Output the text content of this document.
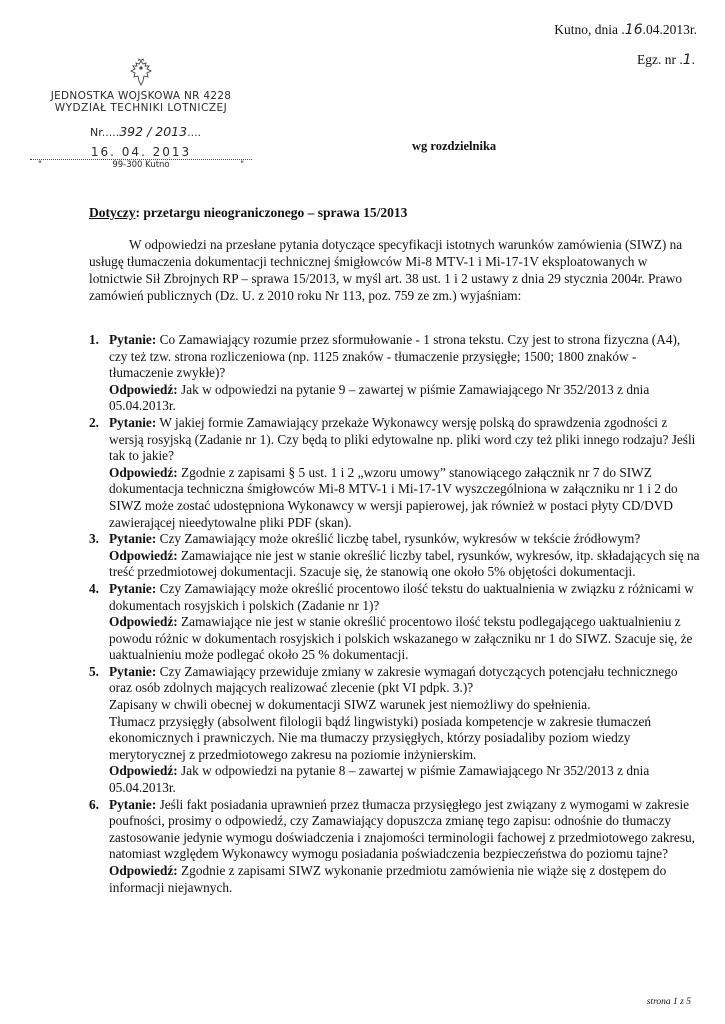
Kutno, dnia .16.04.2013r.
Egz. nr .1.
JEDNOSTKA WOJSKOWA NR 4228
WYDZIAŁ TECHNIKI LOTNICZEJ
Nr.....392 / 2013....
16. 04. 2013
"	99-300 Kutno	"
wg rozdzielnika
Dotyczy: przetargu nieograniczonego – sprawa 15/2013
W odpowiedzi na przesłane pytania dotyczące specyfikacji istotnych warunków zamówienia (SIWZ) na usługę tłumaczenia dokumentacji technicznej śmigłowców Mi-8 MTV-1 i Mi-17-1V eksploatowanych w lotnictwie Sił Zbrojnych RP – sprawa 15/2013, w myśl art. 38 ust. 1 i 2 ustawy z dnia 29 stycznia 2004r. Prawo zamówień publicznych (Dz. U. z 2010 roku Nr 113, poz. 759 ze zm.) wyjaśniam:
1. Pytanie: Co Zamawiający rozumie przez sformułowanie - 1 strona tekstu. Czy jest to strona fizyczna (A4), czy też tzw. strona rozliczeniowa (np. 1125 znaków - tłumaczenie przysięgłe; 1500; 1800 znaków - tłumaczenie zwykłe)?
Odpowiedź: Jak w odpowiedzi na pytanie 9 – zawartej w piśmie Zamawiającego Nr 352/2013 z dnia 05.04.2013r.
2. Pytanie: W jakiej formie Zamawiający przekaże Wykonawcy wersję polską do sprawdzenia zgodności z wersją rosyjską (Zadanie nr 1). Czy będą to pliki edytowalne np. pliki word czy też pliki innego rodzaju? Jeśli tak to jakie?
Odpowiedź: Zgodnie z zapisami § 5 ust. 1 i 2 „wzoru umowy” stanowiącego załącznik nr 7 do SIWZ dokumentacja techniczna śmigłowców Mi-8 MTV-1 i Mi-17-1V wyszczególniona w załączniku nr 1 i 2 do SIWZ może zostać udostępniona Wykonawcy w wersji papierowej, jak również w postaci płyty CD/DVD zawierającej nieedytowalne pliki PDF (skan).
3. Pytanie: Czy Zamawiający może określić liczbę tabel, rysunków, wykresów w tekście źródłowym?
Odpowiedź: Zamawiające nie jest w stanie określić liczby tabel, rysunków, wykresów, itp. składających się na treść przedmiotowej dokumentacji. Szacuje się, że stanowią one około 5% objętości dokumentacji.
4. Pytanie: Czy Zamawiający może określić procentowo ilość tekstu do uaktualnienia w związku z różnicami w dokumentach rosyjskich i polskich (Zadanie nr 1)?
Odpowiedź: Zamawiające nie jest w stanie określić procentowo ilość tekstu podlegającego uaktualnieniu z powodu różnic w dokumentach rosyjskich i polskich wskazanego w załączniku nr 1 do SIWZ. Szacuje się, że uaktualnieniu może podlegać około 25 % dokumentacji.
5. Pytanie: Czy Zamawiający przewiduje zmiany w zakresie wymagań dotyczących potencjału technicznego oraz osób zdolnych mających realizować zlecenie (pkt VI pdpk. 3.)?
Zapisany w chwili obecnej w dokumentacji SIWZ warunek jest niemożliwy do spełnienia.
Tłumacz przysięgły (absolwent filologii bądź lingwistyki) posiada kompetencje w zakresie tłumaczeń ekonomicznych i prawniczych. Nie ma tłumaczy przysięgłych, którzy posiadaliby poziom wiedzy merytorycznej z przedmiotowego zakresu na poziomie inżynierskim.
Odpowiedź: Jak w odpowiedzi na pytanie 8 – zawartej w piśmie Zamawiającego Nr 352/2013 z dnia 05.04.2013r.
6. Pytanie: Jeśli fakt posiadania uprawnień przez tłumacza przysięgłego jest związany z wymogami w zakresie poufności, prosimy o odpowiedź, czy Zamawiający dopuszcza zmianę tego zapisu: odnośnie do tłumaczy zastosowanie jedynie wymogu doświadczenia i znajomości terminologii fachowej z przedmiotowego zakresu, natomiast względem Wykonawcy wymogu posiadania poświadczenia bezpieczeństwa do poziomu tajne?
Odpowiedź: Zgodnie z zapisami SIWZ wykonanie przedmiotu zamówienia nie wiąże się z dostępem do informacji niejawnych.
strona 1 z 5
